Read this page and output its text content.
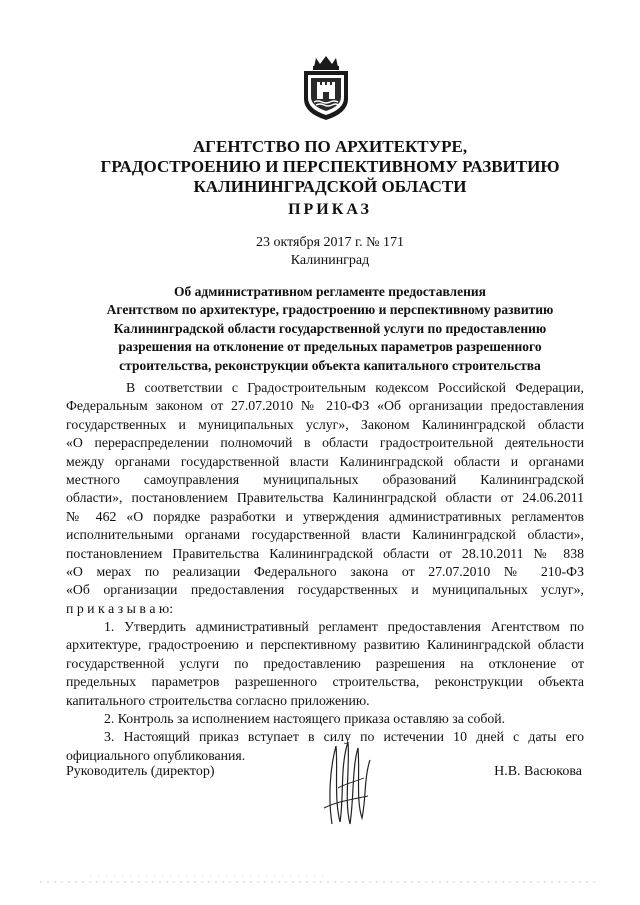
АГЕНТСТВО ПО АРХИТЕКТУРЕ,
ГРАДОСТРОЕНИЮ И ПЕРСПЕКТИВНОМУ РАЗВИТИЮ
КАЛИНИНГРАДСКОЙ ОБЛАСТИ
ПРИКАЗ
23 октября 2017 г. № 171
Калининград
Об административном регламенте предоставления
Агентством по архитектуре, градостроению и перспективному развитию
Калининградской области государственной услуги по предоставлению
разрешения на отклонение от предельных параметров разрешенного
строительства, реконструкции объекта капитального строительства
В соответствии с Градостроительным кодексом Российской Федерации,
Федеральным законом от 27.07.2010 № 210-ФЗ «Об организации предоставления
государственных и муниципальных услуг», Законом Калининградской области
«О перераспределении полномочий в области градостроительной деятельности
между органами государственной власти Калининградской области и органами
местного самоуправления муниципальных образований Калининградской
области», постановлением Правительства Калининградской области от 24.06.2011
№ 462 «О порядке разработки и утверждения административных регламентов
исполнительными органами государственной власти Калининградской области»,
постановлением Правительства Калининградской области от 28.10.2011 № 838
«О мерах по реализации Федерального закона от 27.07.2010 № 210-ФЗ
«Об организации предоставления государственных и муниципальных услуг»,
п р и к а з ы в а ю:
1. Утвердить административный регламент предоставления Агентством по
архитектуре, градостроению и перспективному развитию Калининградской области
государственной услуги по предоставлению разрешения на отклонение от
предельных параметров разрешенного строительства, реконструкции объекта
капитального строительства согласно приложению.
2. Контроль за исполнением настоящего приказа оставляю за собой.
3. Настоящий приказ вступает в силу по истечении 10 дней с даты его
официального опубликования.
Руководитель (директор)	Н.В. Васюкова
